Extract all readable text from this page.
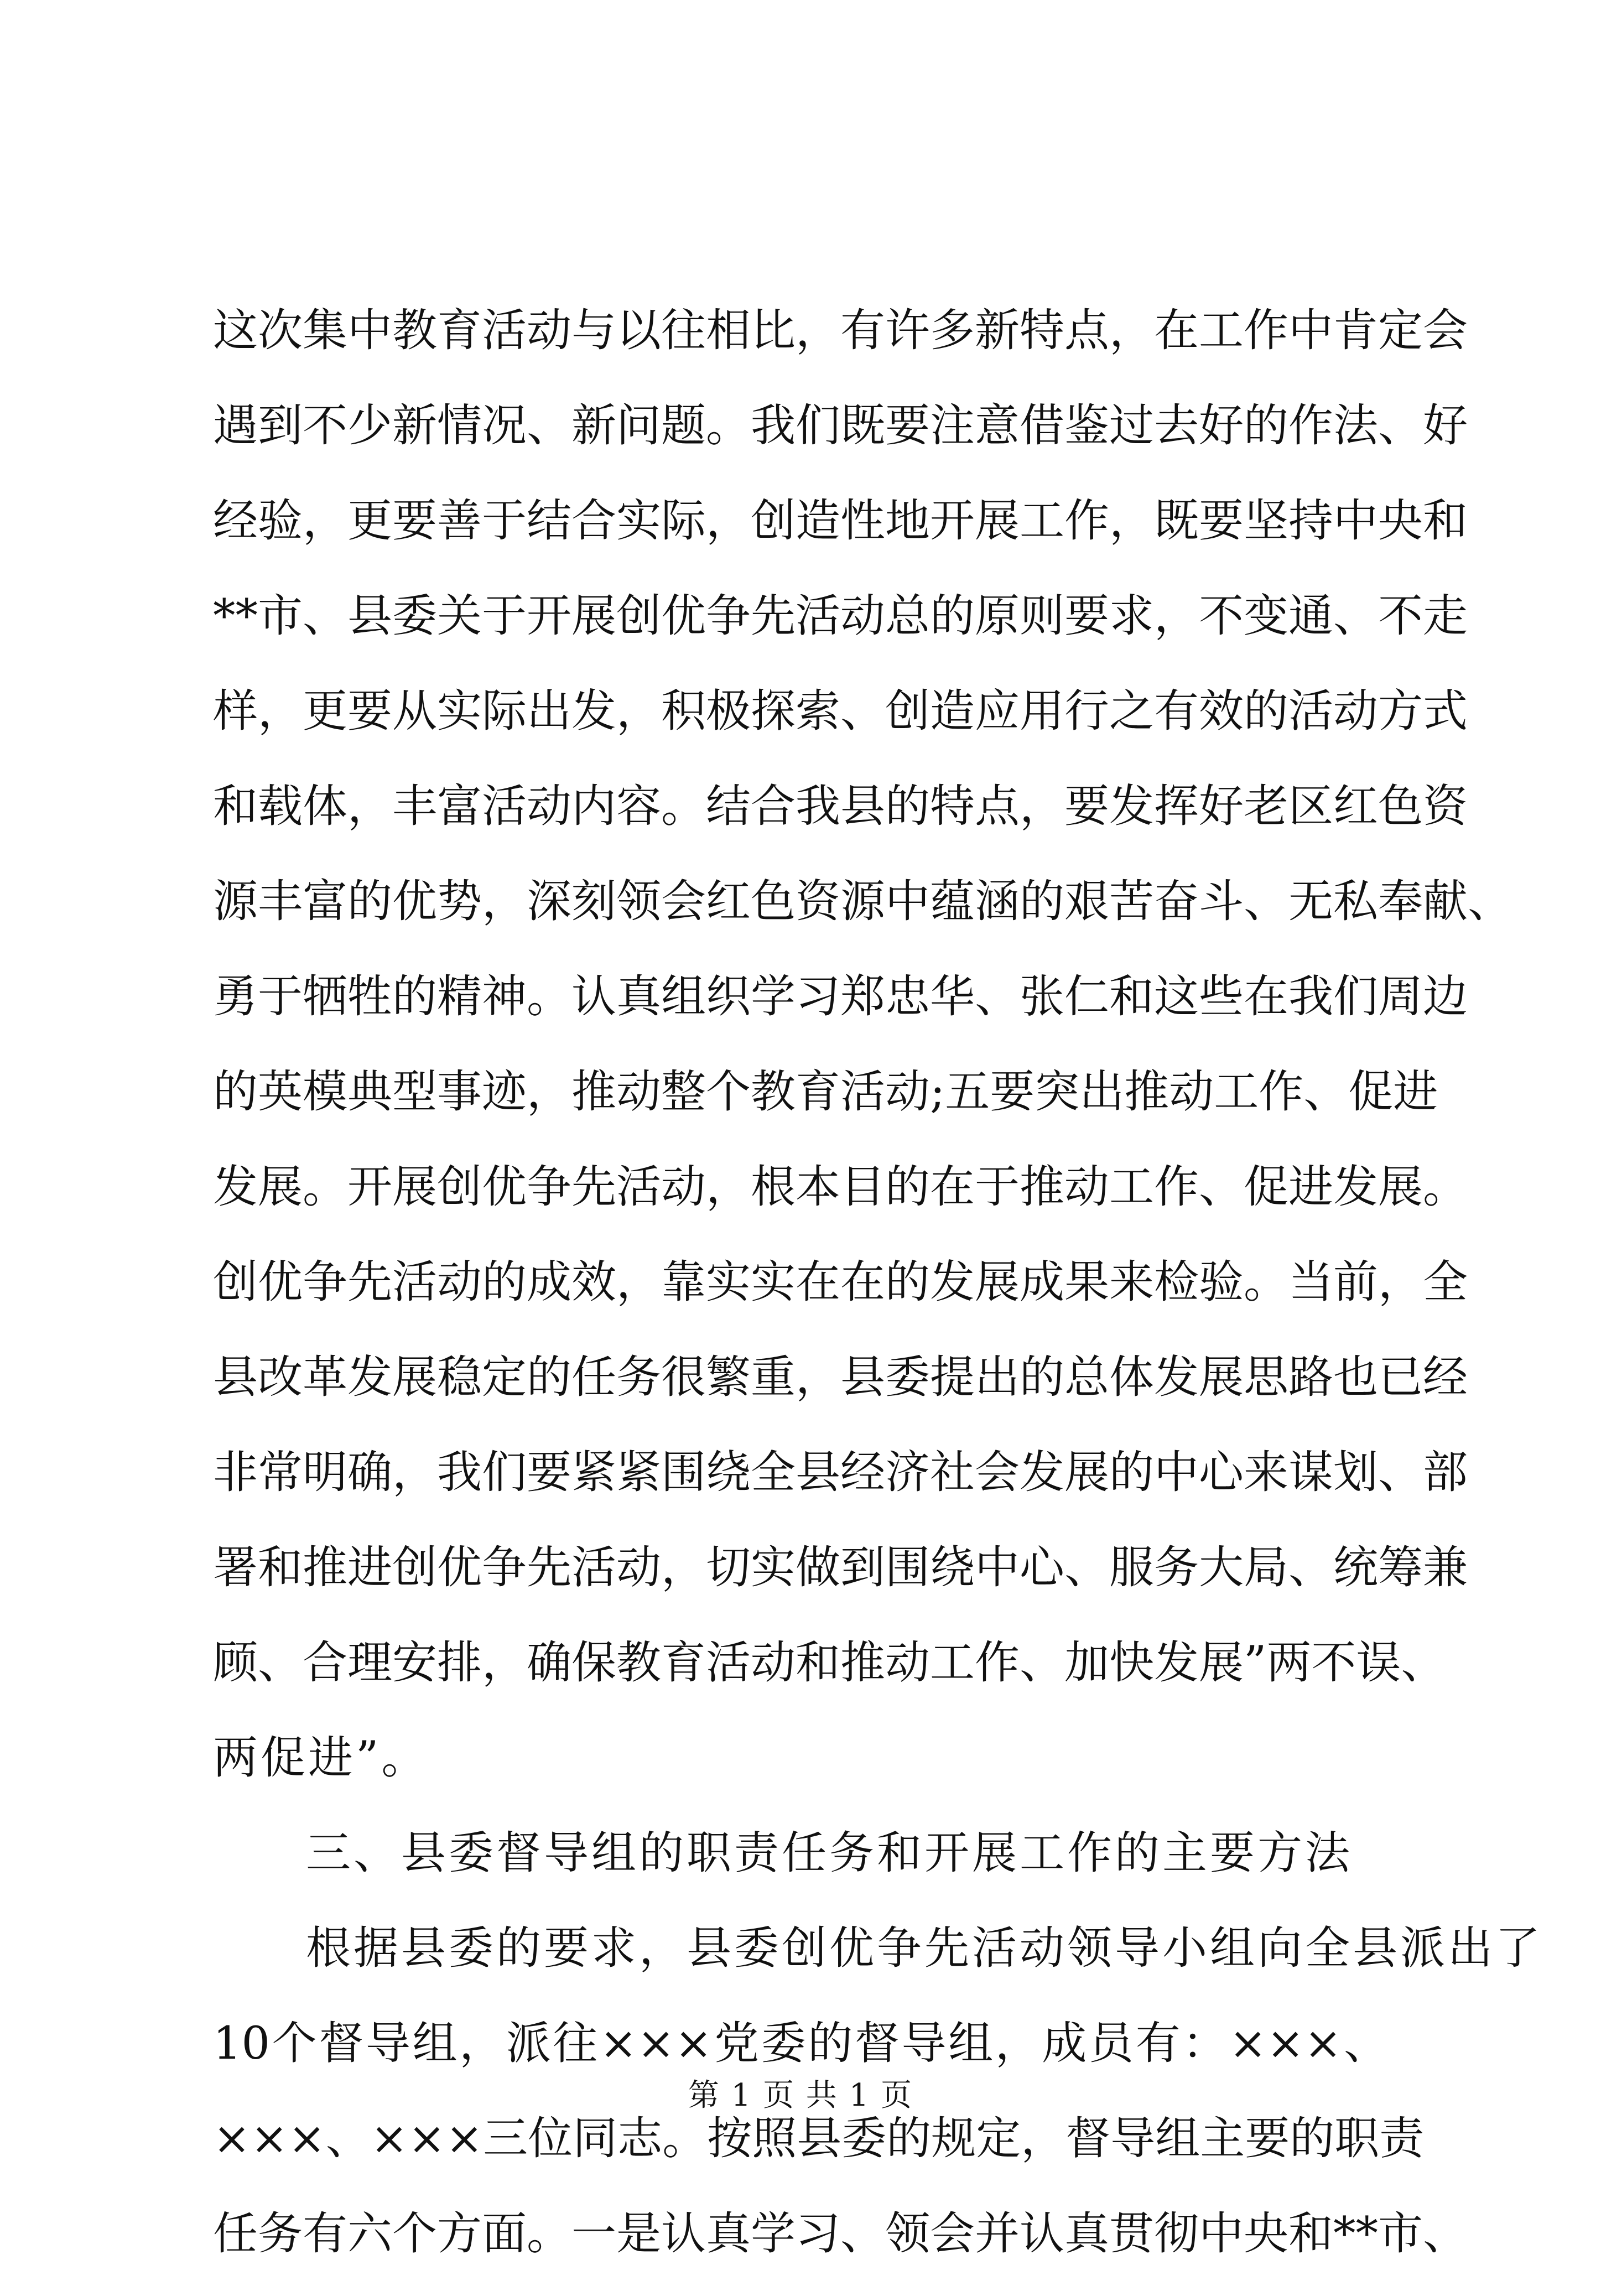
这次集中教育活动与以往相比，有许多新特点，在工作中肯定会
遇到不少新情况、新问题。我们既要注意借鉴过去好的作法、好
经验，更要善于结合实际，创造性地开展工作，既要坚持中央和
**市、县委关于开展创优争先活动总的原则要求，不变通、不走
样，更要从实际出发，积极探索、创造应用行之有效的活动方式
和载体，丰富活动内容。结合我县的特点，要发挥好老区红色资
源丰富的优势，深刻领会红色资源中蕴涵的艰苦奋斗、无私奉献、
勇于牺牲的精神。认真组织学习郑忠华、张仁和这些在我们周边
的英模典型事迹，推动整个教育活动;五要突出推动工作、促进
发展。开展创优争先活动，根本目的在于推动工作、促进发展。
创优争先活动的成效，靠实实在在的发展成果来检验。当前，全
县改革发展稳定的任务很繁重，县委提出的总体发展思路也已经
非常明确，我们要紧紧围绕全县经济社会发展的中心来谋划、部
署和推进创优争先活动，切实做到围绕中心、服务大局、统筹兼
顾、合理安排，确保教育活动和推动工作、加快发展”两不误、
两促进”。
三、县委督导组的职责任务和开展工作的主要方法
根据县委的要求，县委创优争先活动领导小组向全县派出了
10个督导组，派往×××党委的督导组，成员有：×××、
×××、×××三位同志。按照县委的规定，督导组主要的职责
任务有六个方面。一是认真学习、领会并认真贯彻中央和**市、
第 1 页 共 1 页
